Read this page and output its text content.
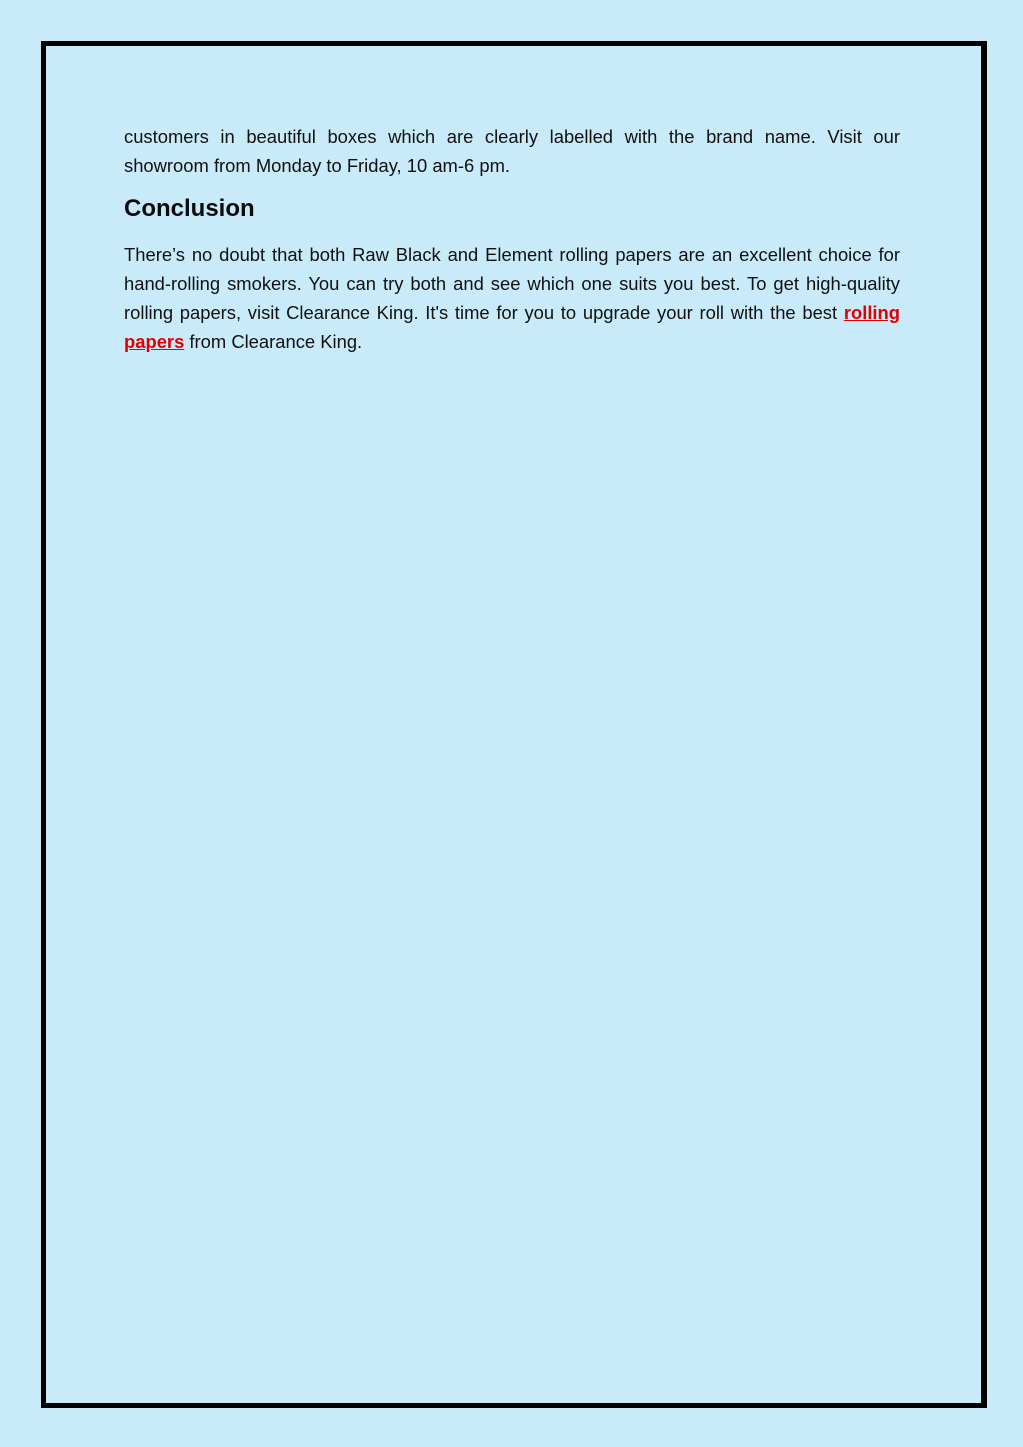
customers in beautiful boxes which are clearly labelled with the brand name. Visit our showroom from Monday to Friday, 10 am-6 pm.

Conclusion

There’s no doubt that both Raw Black and Element rolling papers are an excellent choice for hand-rolling smokers. You can try both and see which one suits you best. To get high-quality rolling papers, visit Clearance King. It's time for you to upgrade your roll with the best rolling papers from Clearance King.
